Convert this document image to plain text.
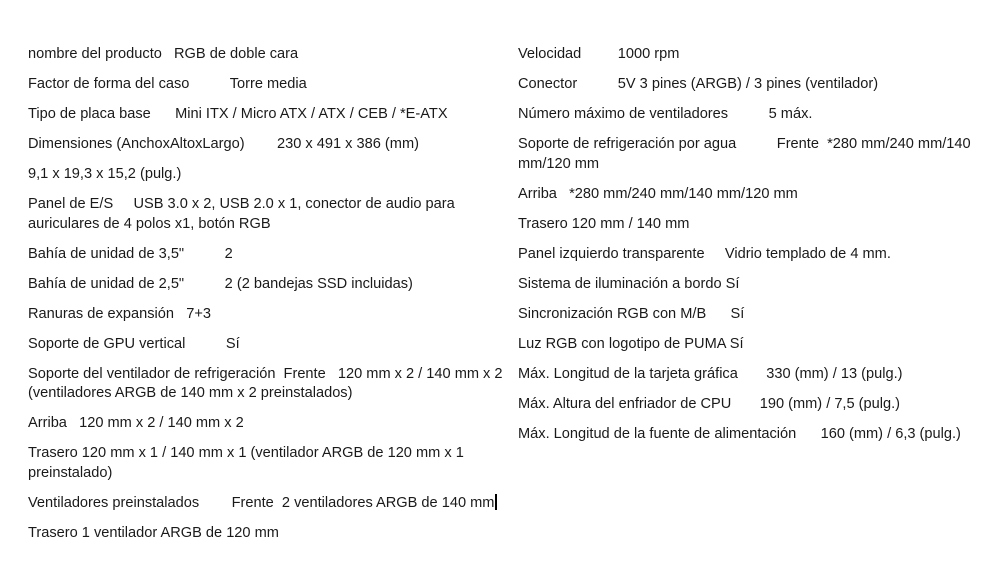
nombre del producto   RGB de doble cara
Factor de forma del caso          Torre media
Tipo de placa base      Mini ITX / Micro ATX / ATX / CEB / *E-ATX
Dimensiones (AnchoxAltoxLargo)        230 x 491 x 386 (mm)
9,1 x 19,3 x 15,2 (pulg.)
Panel de E/S     USB 3.0 x 2, USB 2.0 x 1, conector de audio para
auriculares de 4 polos x1, botón RGB
Bahía de unidad de 3,5"          2
Bahía de unidad de 2,5"          2 (2 bandejas SSD incluidas)
Ranuras de expansión   7+3
Soporte de GPU vertical          Sí
Soporte del ventilador de refrigeración  Frente   120 mm x 2 / 140 mm x 2
(ventiladores ARGB de 140 mm x 2 preinstalados)
Arriba   120 mm x 2 / 140 mm x 2
Trasero 120 mm x 1 / 140 mm x 1 (ventilador ARGB de 120 mm x 1
preinstalado)
Ventiladores preinstalados        Frente  2 ventiladores ARGB de 140 mm
Trasero 1 ventilador ARGB de 120 mm
Velocidad         1000 rpm
Conector          5V 3 pines (ARGB) / 3 pines (ventilador)
Número máximo de ventiladores          5 máx.
Soporte de refrigeración por agua          Frente  *280 mm/240 mm/140
mm/120 mm
Arriba   *280 mm/240 mm/140 mm/120 mm
Trasero 120 mm / 140 mm
Panel izquierdo transparente     Vidrio templado de 4 mm.
Sistema de iluminación a bordo Sí
Sincronización RGB con M/B      Sí
Luz RGB con logotipo de PUMA Sí
Máx. Longitud de la tarjeta gráfica       330 (mm) / 13 (pulg.)
Máx. Altura del enfriador de CPU       190 (mm) / 7,5 (pulg.)
Máx. Longitud de la fuente de alimentación      160 (mm) / 6,3 (pulg.)
